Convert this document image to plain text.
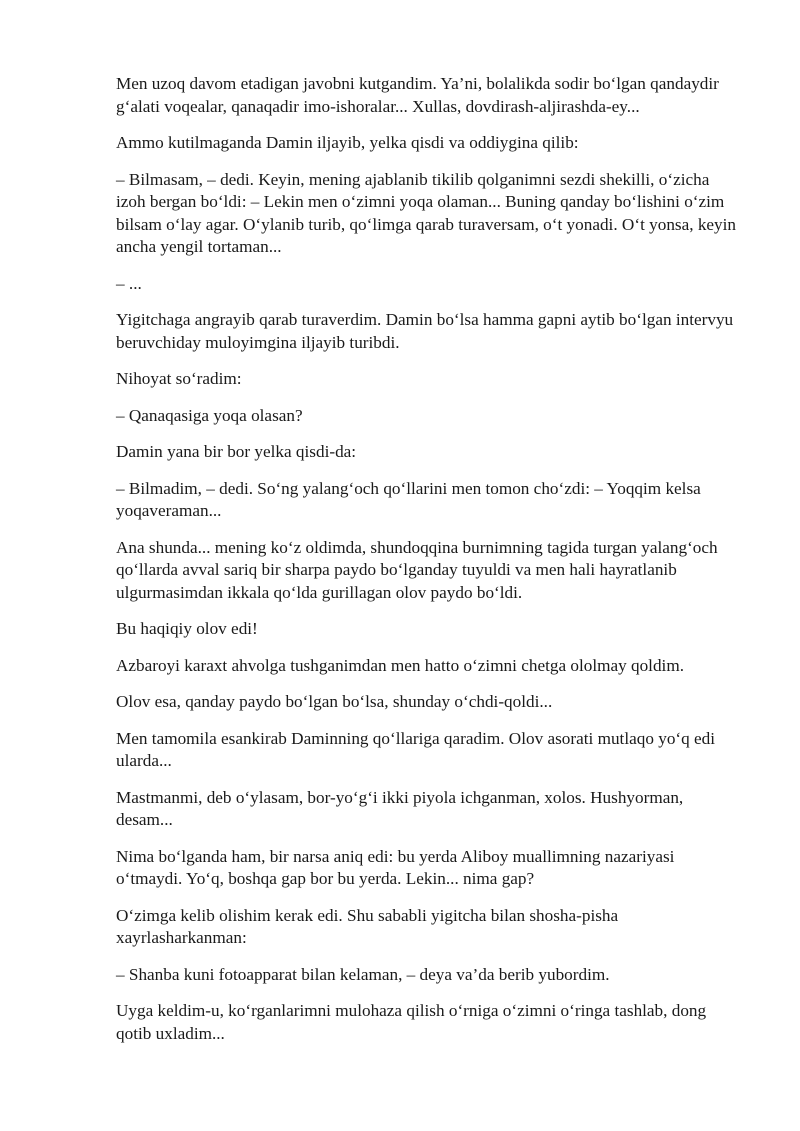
Men uzoq davom etadigan javobni kutgandim. Ya’ni, bolalikda sodir bo‘lgan qandaydir g‘alati voqealar, qanaqadir imo-ishoralar... Xullas, dovdirash-aljirashda-ey...

Ammo kutilmaganda Damin iljayib, yelka qisdi va oddiygina qilib:

– Bilmasam, – dedi. Keyin, mening ajablanib tikilib qolganimni sezdi shekilli, o‘zicha izoh bergan bo‘ldi: – Lekin men o‘zimni yoqa olaman... Buning qanday bo‘lishini o‘zim bilsam o‘lay agar. O‘ylanib turib, qo‘limga qarab turaversam, o‘t yonadi. O‘t yonsa, keyin ancha yengil tortaman...

– ...

Yigitchaga angrayib qarab turaverdim. Damin bo‘lsa hamma gapni aytib bo‘lgan intervyu beruvchiday muloyimgina iljayib turibdi.

Nihoyat so‘radim:

– Qanaqasiga yoqa olasan?

Damin yana bir bor yelka qisdi-da:

– Bilmadim, – dedi. So‘ng yalang‘och qo‘llarini men tomon cho‘zdi: – Yoqqim kelsa yoqaveraman...

Ana shunda... mening ko‘z oldimda, shundoqqina burnimning tagida turgan yalang‘och qo‘llarda avval sariq bir sharpa paydo bo‘lganday tuyuldi va men hali hayratlanib ulgurmasimdan ikkala qo‘lda gurillagan olov paydo bo‘ldi.

Bu haqiqiy olov edi!

Azbaroyi karaxt ahvolga tushganimdan men hatto o‘zimni chetga ololmay qoldim.

Olov esa, qanday paydo bo‘lgan bo‘lsa, shunday o‘chdi-qoldi...

Men tamomila esankirab Daminning qo‘llariga qaradim. Olov asorati mutlaqo yo‘q edi ularda...

Mastmanmi, deb o‘ylasam, bor-yo‘g‘i ikki piyola ichganman, xolos. Hushyorman, desam...

Nima bo‘lganda ham, bir narsa aniq edi: bu yerda Aliboy muallimning nazariyasi o‘tmaydi. Yo‘q, boshqa gap bor bu yerda. Lekin... nima gap?

O‘zimga kelib olishim kerak edi. Shu sababli yigitcha bilan shosha-pisha xayrlasharkanman:

– Shanba kuni fotoapparat bilan kelaman, – deya va’da berib yubordim.

Uyga keldim-u, ko‘rganlarimni mulohaza qilish o‘rniga o‘zimni o‘ringa tashlab, dong qotib uxladim...
